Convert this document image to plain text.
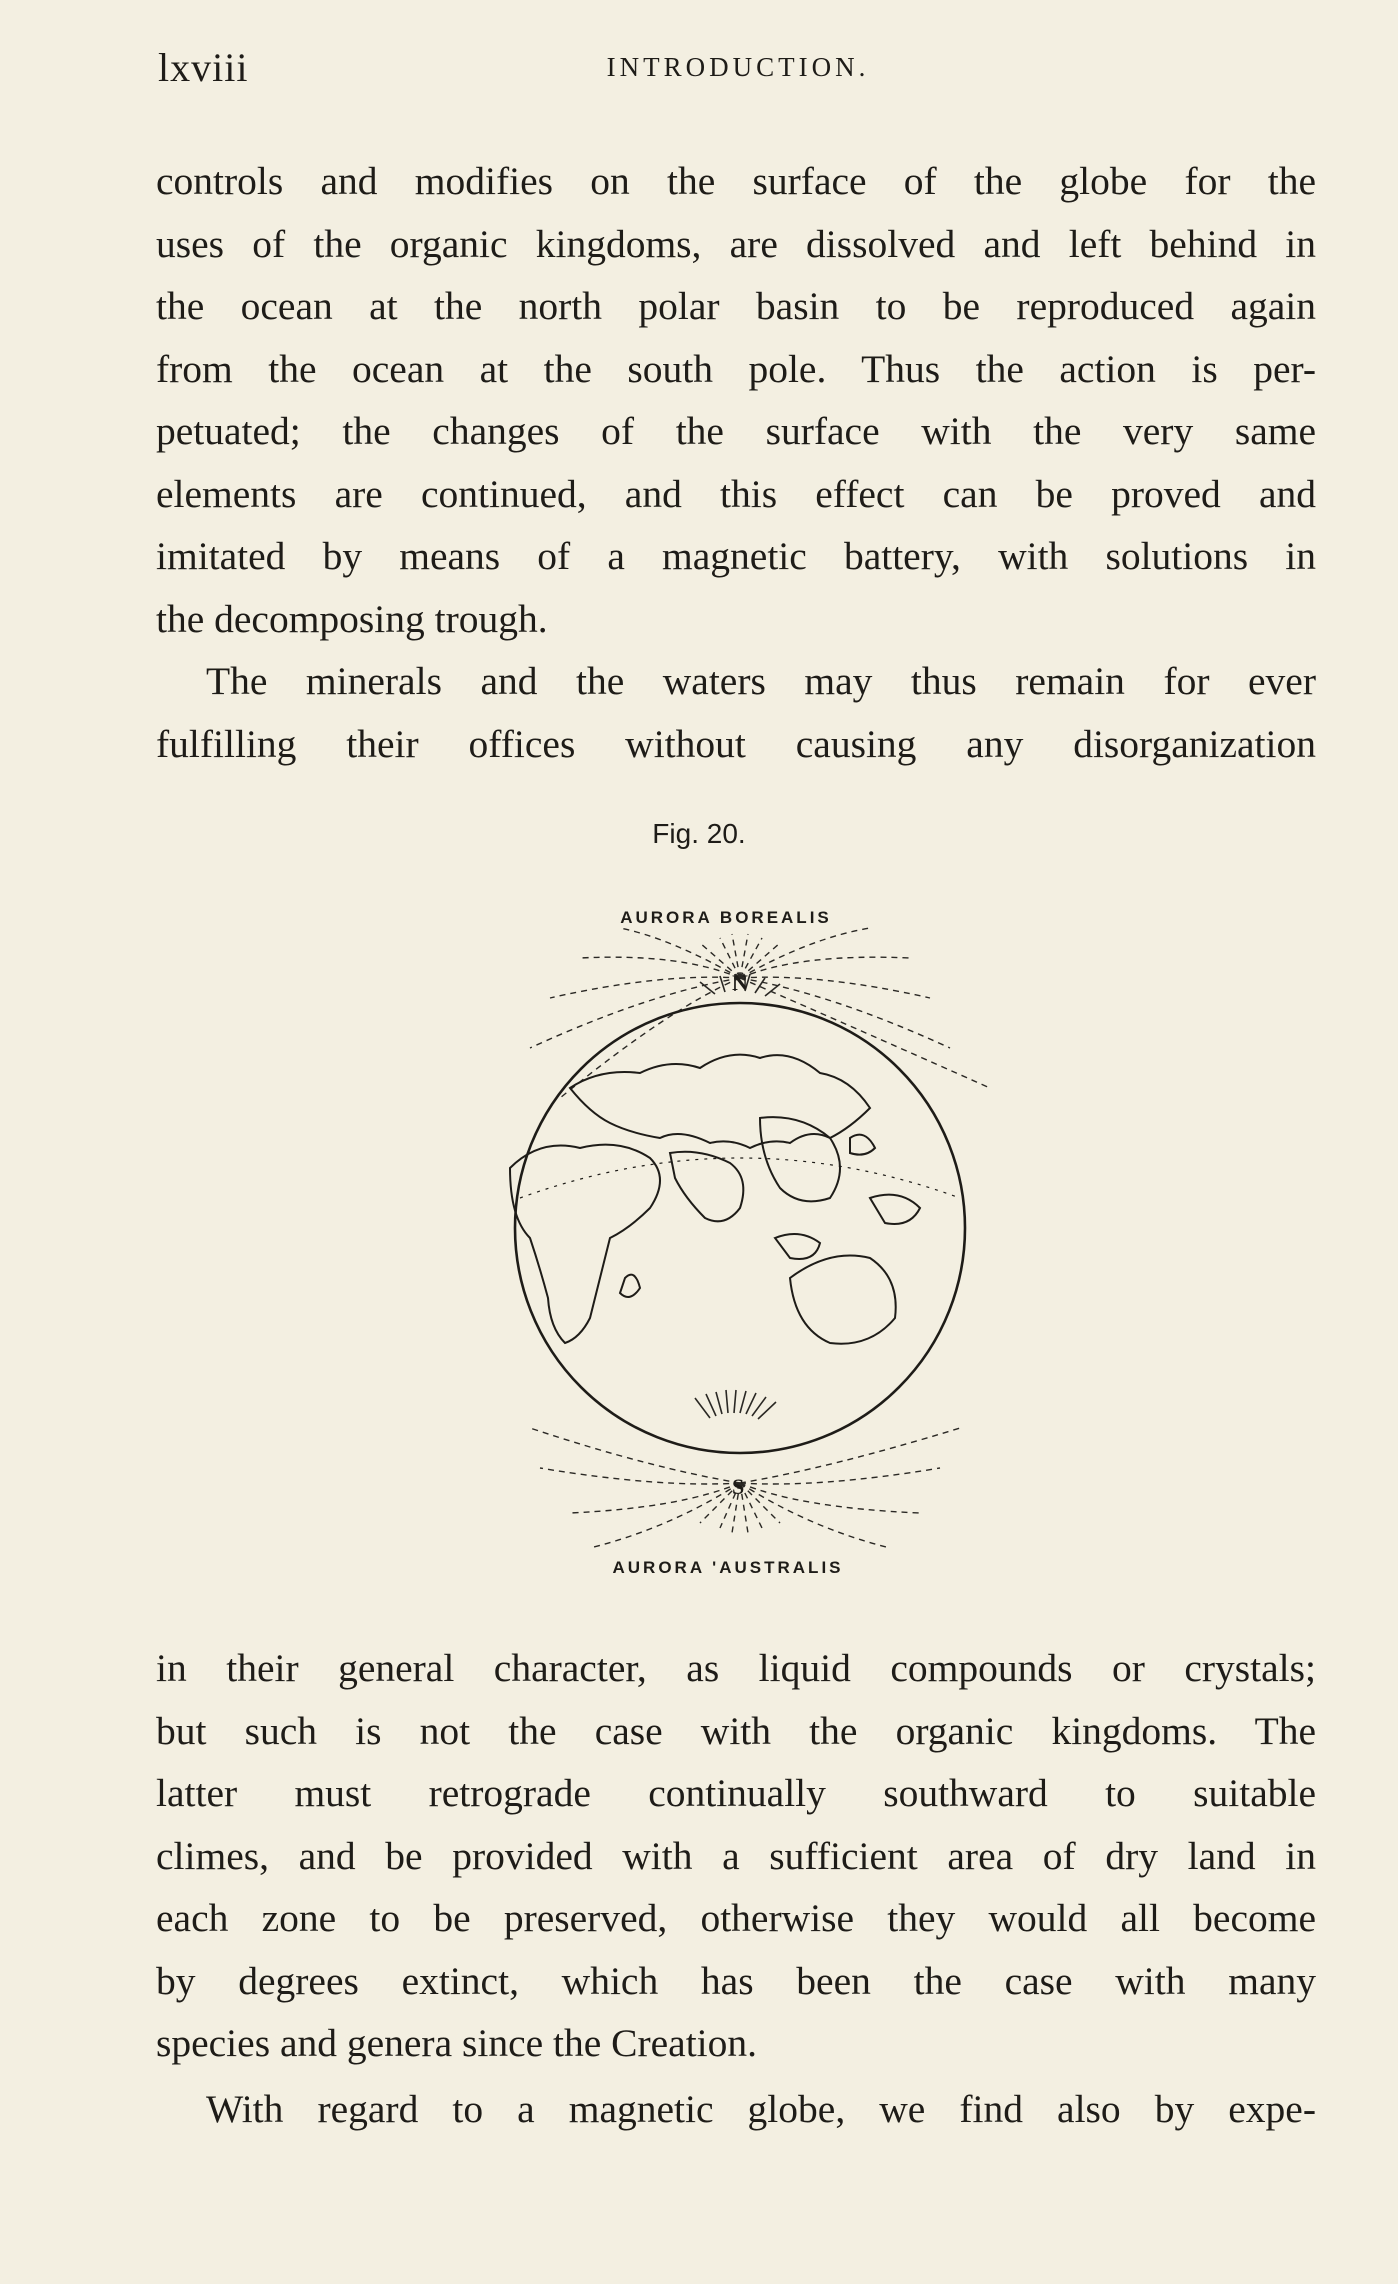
lxviii	INTRODUCTION.

controls and modifies on the surface of the globe for the
uses of the organic kingdoms, are dissolved and left behind in
the ocean at the north polar basin to be reproduced again
from the ocean at the south pole. Thus the action is per-
petuated; the changes of the surface with the very same
elements are continued, and this effect can be proved and
imitated by means of a magnetic battery, with solutions in
the decomposing trough.

The minerals and the waters may thus remain for ever
fulfilling their offices without causing any disorganization

Fig. 20.
AURORA BOREALIS
N
S
AURORA 'AUSTRALIS

in their general character, as liquid compounds or crystals;
but such is not the case with the organic kingdoms. The
latter must retrograde continually southward to suitable
climes, and be provided with a sufficient area of dry land in
each zone to be preserved, otherwise they would all become
by degrees extinct, which has been the case with many
species and genera since the Creation.

With regard to a magnetic globe, we find also by expe-
